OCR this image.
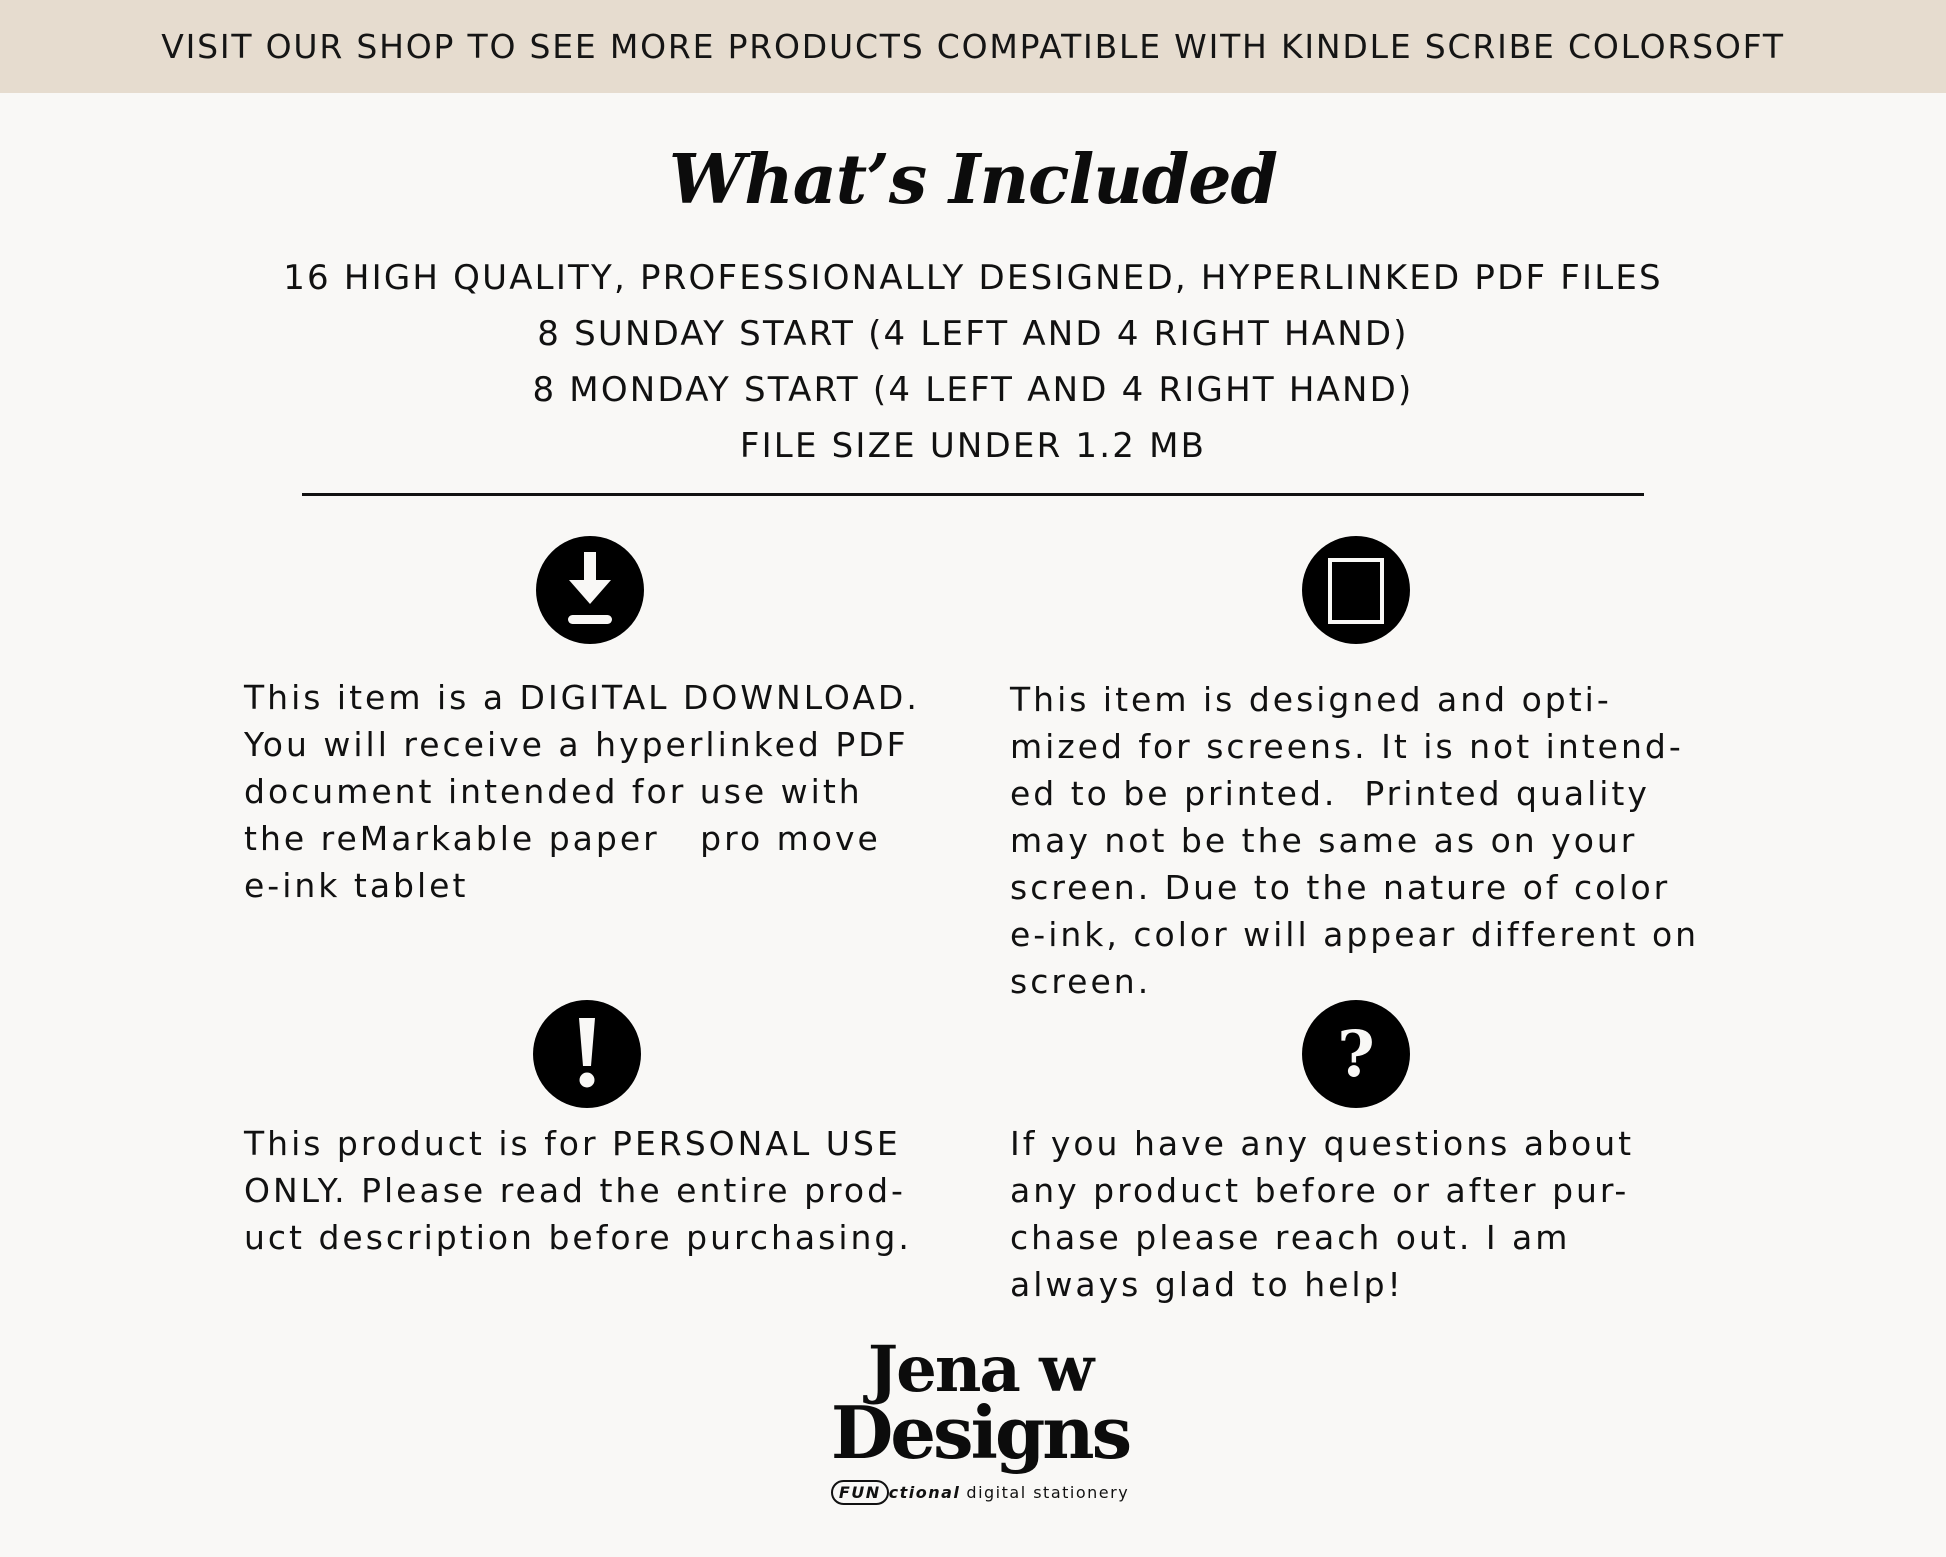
VISIT OUR SHOP TO SEE MORE PRODUCTS COMPATIBLE WITH KINDLE SCRIBE COLORSOFT
What’s Included
16 HIGH QUALITY, PROFESSIONALLY DESIGNED, HYPERLINKED PDF FILES
8 SUNDAY START (4 LEFT AND 4 RIGHT HAND)
8 MONDAY START (4 LEFT AND 4 RIGHT HAND)
FILE SIZE UNDER 1.2 MB
?
This item is a DIGITAL DOWNLOAD.
You will receive a hyperlinked PDF
document intended for use with
the reMarkable paper   pro move
e-ink tablet
This item is designed and opti-
mized for screens. It is not intend-
ed to be printed.  Printed quality
may not be the same as on your
screen. Due to the nature of color
e-ink, color will appear different on
screen.
This product is for PERSONAL USE
ONLY. Please read the entire prod-
uct description before purchasing.
If you have any questions about
any product before or after pur-
chase please reach out. I am
always glad to help!
Jena w
Designs
FUN ctional digital stationery
